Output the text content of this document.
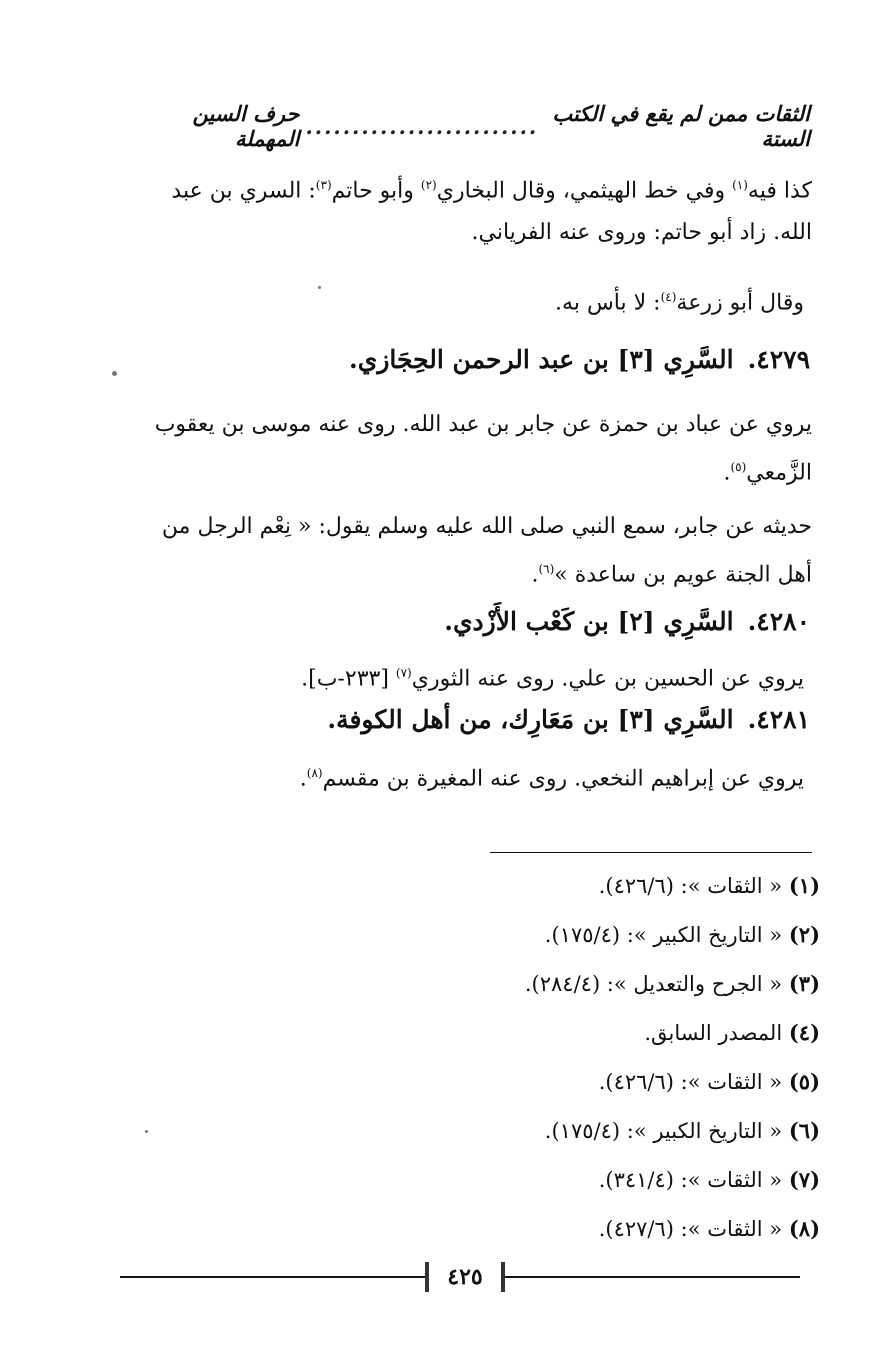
حرف السين المهملة ......................... الثقات ممن لم يقع في الكتب الستة
كذا فيه$^{(١)}$ وفي خط الهيثمي، وقال البخاري$^{(٢)}$ وأبو حاتم$^{(٣)}$: السري بن عبد الله. زاد أبو حاتم: وروى عنه الفرياني.
وقال أبو زرعة$^{(٤)}$: لا بأس به.
٤٢٧٩.السَّرِي [٣] بن عبد الرحمن الحِجَازي.
يروي عن عباد بن حمزة عن جابر بن عبد الله. روى عنه موسى بن يعقوب الزَّمعي$^{(٥)}$.
حديثه عن جابر، سمع النبي صلى الله عليه وسلم يقول: « نِعْم الرجل من أهل الجنة عويم بن ساعدة »$^{(٦)}$.
٤٢٨٠.السَّرِي [٢] بن كَعْب الأَزْدي.
يروي عن الحسين بن علي. روى عنه الثوري$^{(٧)}$ [٢٣٣-ب].
٤٢٨١.السَّرِي [٣] بن مَعَارِك، من أهل الكوفة.
يروي عن إبراهيم النخعي. روى عنه المغيرة بن مقسم$^{(٨)}$.
(١) « الثقات »: (٤٢٦/٦).
(٢) « التاريخ الكبير »: (١٧٥/٤).
(٣) « الجرح والتعديل »: (٢٨٤/٤).
(٤) المصدر السابق.
(٥) « الثقات »: (٤٢٦/٦).
(٦) « التاريخ الكبير »: (١٧٥/٤).
(٧) « الثقات »: (٣٤١/٤).
(٨) « الثقات »: (٤٢٧/٦).
٤٢٥
